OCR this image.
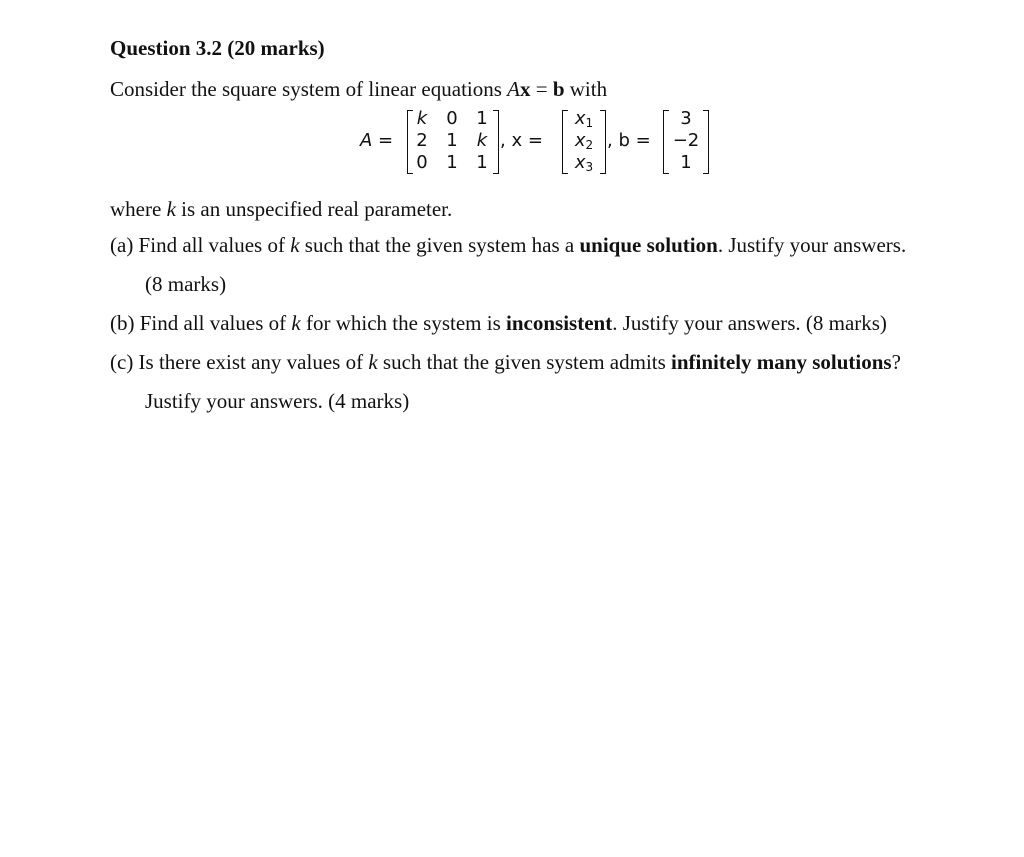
Question 3.2 (20 marks)
Consider the square system of linear equations Ax = b with
A =
k	0	1
2	1	k
0	1	1
, x =
$x_1$
$x_2$
$x_3$
, b =
3
−2
1
where k is an unspecified real parameter.
(a) Find all values of k such that the given system has a unique solution. Justify your answers.
(8 marks)
(b) Find all values of k for which the system is inconsistent. Justify your answers. (8 marks)
(c) Is there exist any values of k such that the given system admits infinitely many solutions?
Justify your answers. (4 marks)
